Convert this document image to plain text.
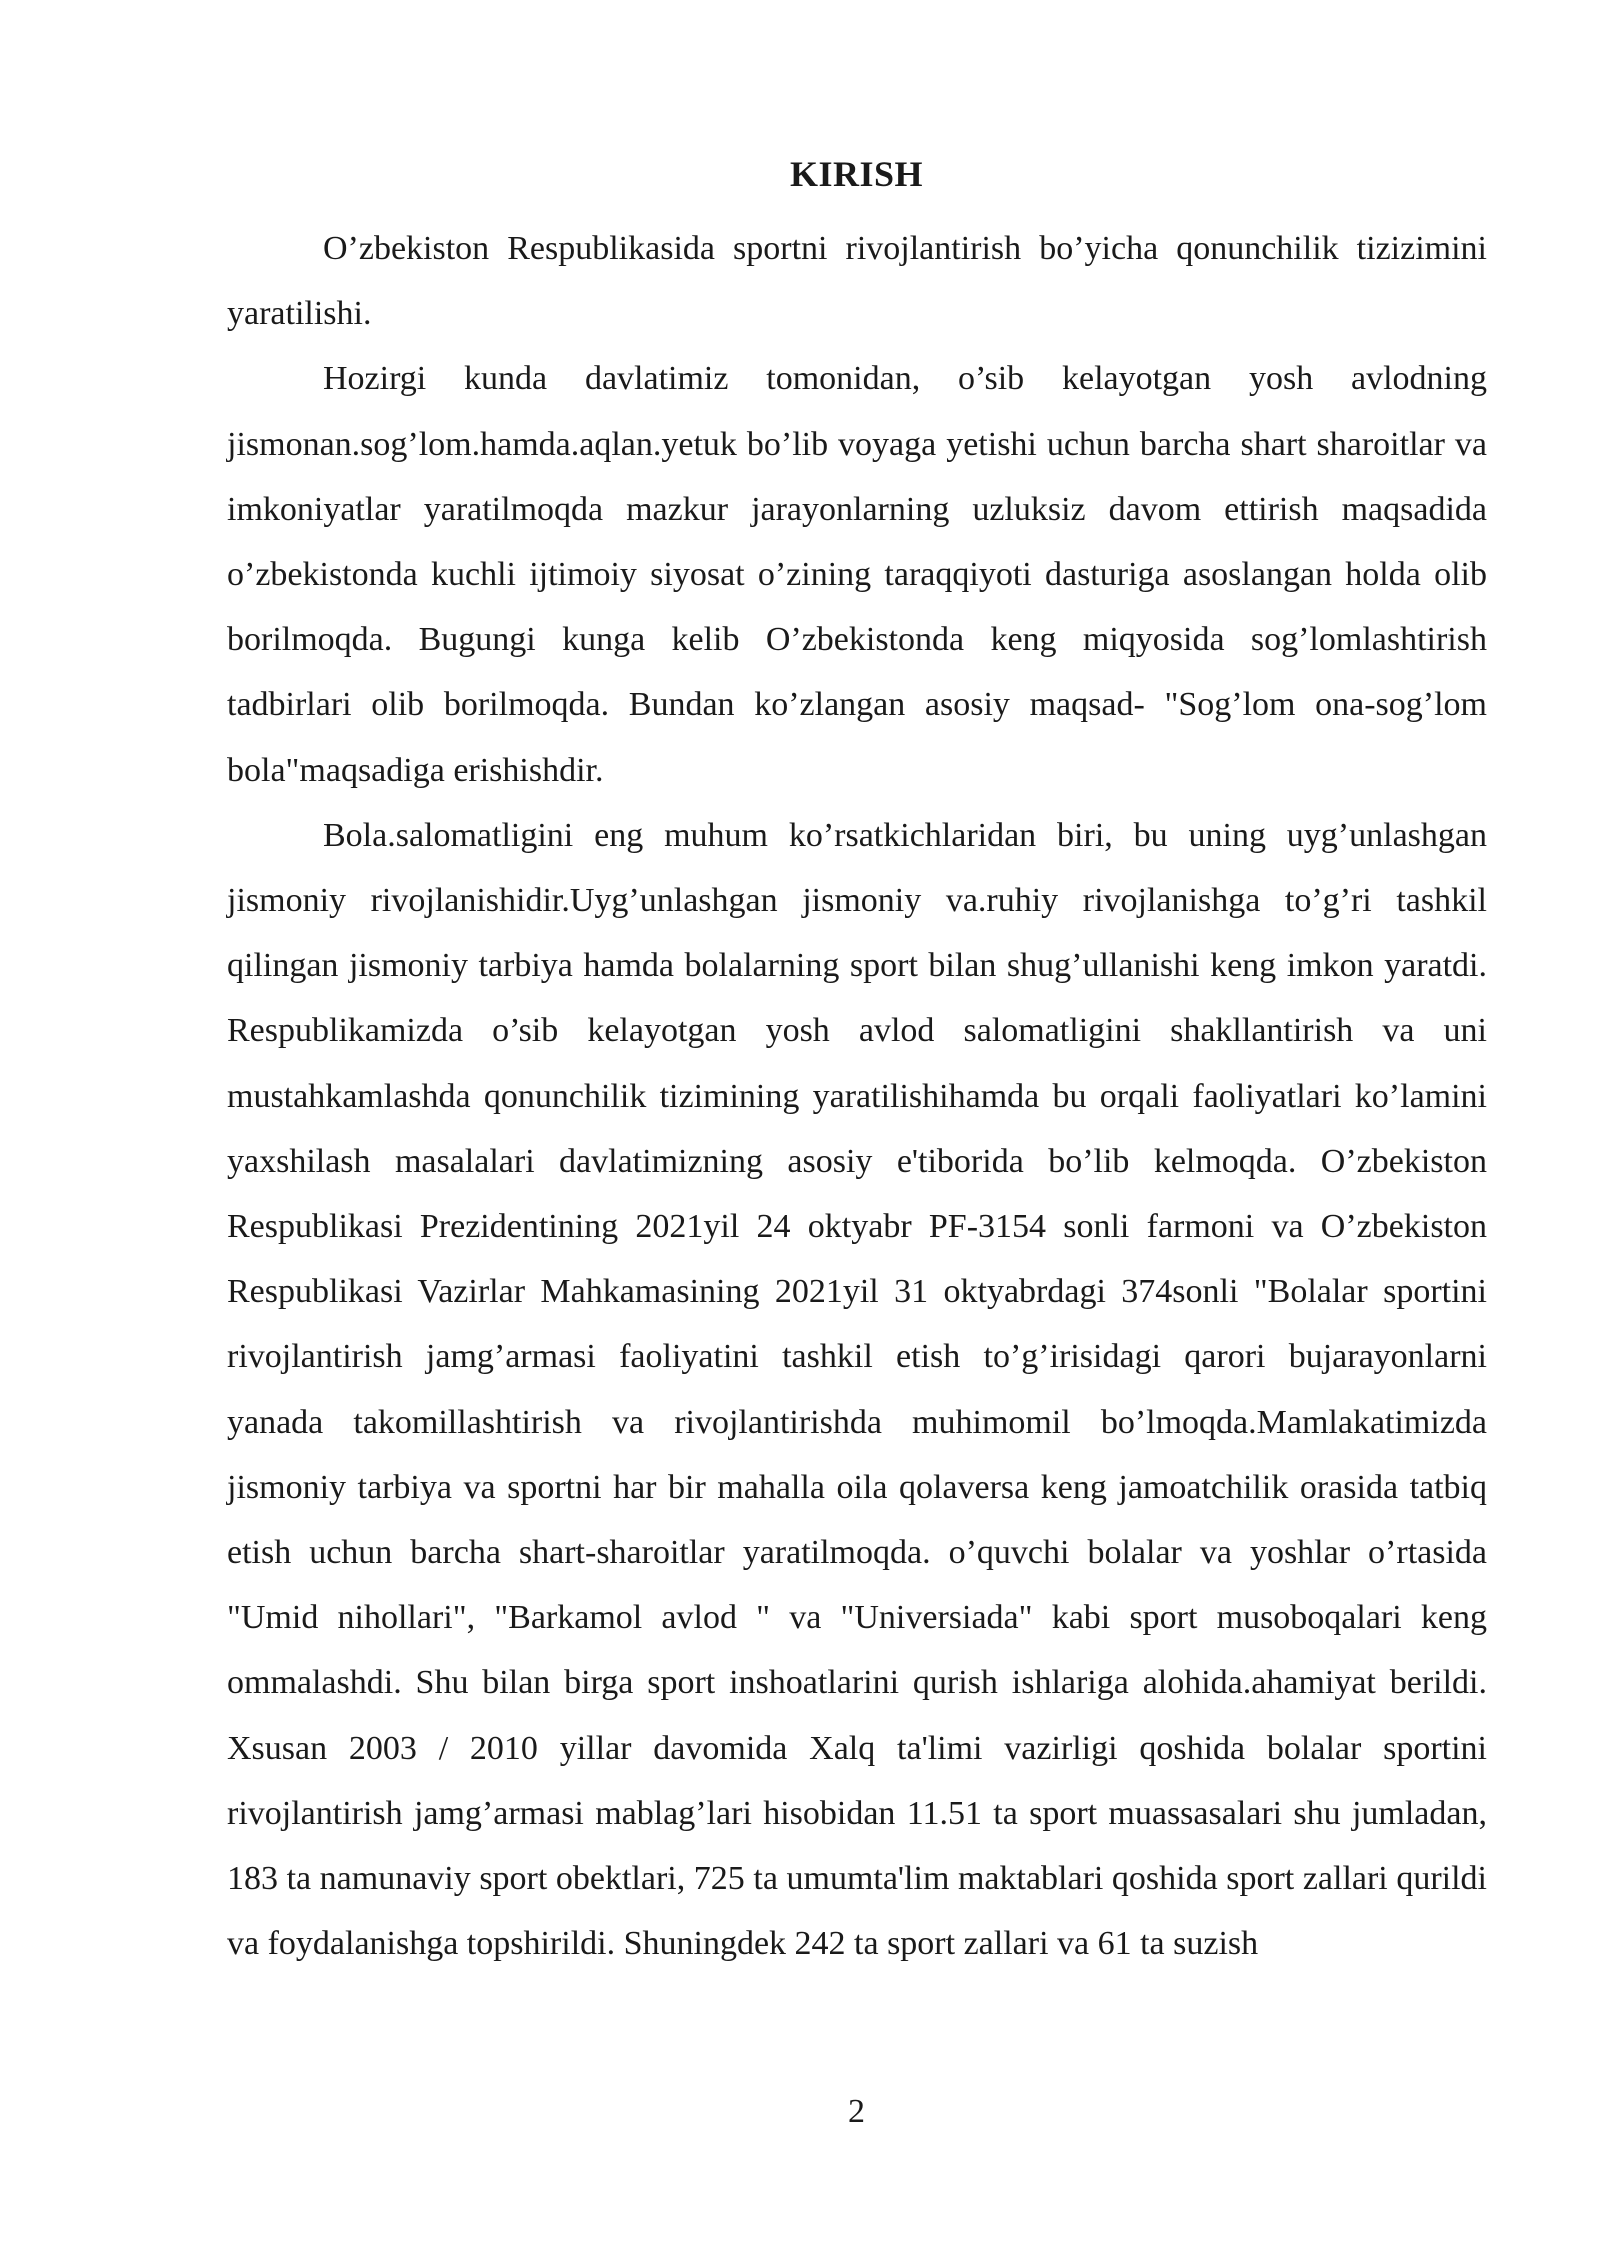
KIRISH

O’zbekiston Respublikasida sportni rivojlantirish bo’yicha qonunchilik tizizimini yaratilishi.

Hozirgi kunda davlatimiz tomonidan, o’sib kelayotgan yosh avlodning jismonan.sog’lom.hamda.aqlan.yetuk bo’lib voyaga yetishi uchun barcha shart sharoitlar va imkoniyatlar yaratilmoqda mazkur jarayonlarning uzluksiz davom ettirish maqsadida o’zbekistonda kuchli ijtimoiy siyosat o’zining taraqqiyoti dasturiga asoslangan holda olib borilmoqda. Bugungi kunga kelib O’zbekistonda keng miqyosida sog’lomlashtirish tadbirlari olib borilmoqda. Bundan ko’zlangan asosiy maqsad- "Sog’lom ona-sog’lom bola"maqsadiga erishishdir.

Bola.salomatligini eng muhum ko’rsatkichlaridan biri, bu uning uyg’unlashgan jismoniy rivojlanishidir.Uyg’unlashgan jismoniy va.ruhiy rivojlanishga to’g’ri tashkil qilingan jismoniy tarbiya hamda bolalarning sport bilan shug’ullanishi keng imkon yaratdi. Respublikamizda o’sib kelayotgan yosh avlod salomatligini shakllantirish va uni mustahkamlashda qonunchilik tizimining yaratilishihamda bu orqali faoliyatlari ko’lamini yaxshilash masalalari davlatimizning asosiy e'tiborida bo’lib kelmoqda. O’zbekiston Respublikasi Prezidentining 2021yil 24 oktyabr PF-3154 sonli farmoni va O’zbekiston Respublikasi Vazirlar Mahkamasining 2021yil 31 oktyabrdagi 374sonli "Bolalar sportini rivojlantirish jamg’armasi faoliyatini tashkil etish to’g’irisidagi qarori bujarayonlarni yanada takomillashtirish va rivojlantirishda muhimomil bo’lmoqda.Mamlakatimizda jismoniy tarbiya va sportni har bir mahalla oila qolaversa keng jamoatchilik orasida tatbiq etish uchun barcha shart-sharoitlar yaratilmoqda. o’quvchi bolalar va yoshlar o’rtasida "Umid nihollari", "Barkamol avlod " va "Universiada" kabi sport musoboqalari keng ommalashdi. Shu bilan birga sport inshoatlarini qurish ishlariga alohida.ahamiyat berildi. Xsusan 2003 / 2010 yillar davomida Xalq ta'limi vazirligi qoshida bolalar sportini rivojlantirish jamg’armasi mablag’lari hisobidan 11.51 ta sport muassasalari shu jumladan, 183 ta namunaviy sport obektlari, 725 ta umumta'lim maktablari qoshida sport zallari qurildi va foydalanishga topshirildi. Shuningdek 242 ta sport zallari va 61 ta suzish

2
